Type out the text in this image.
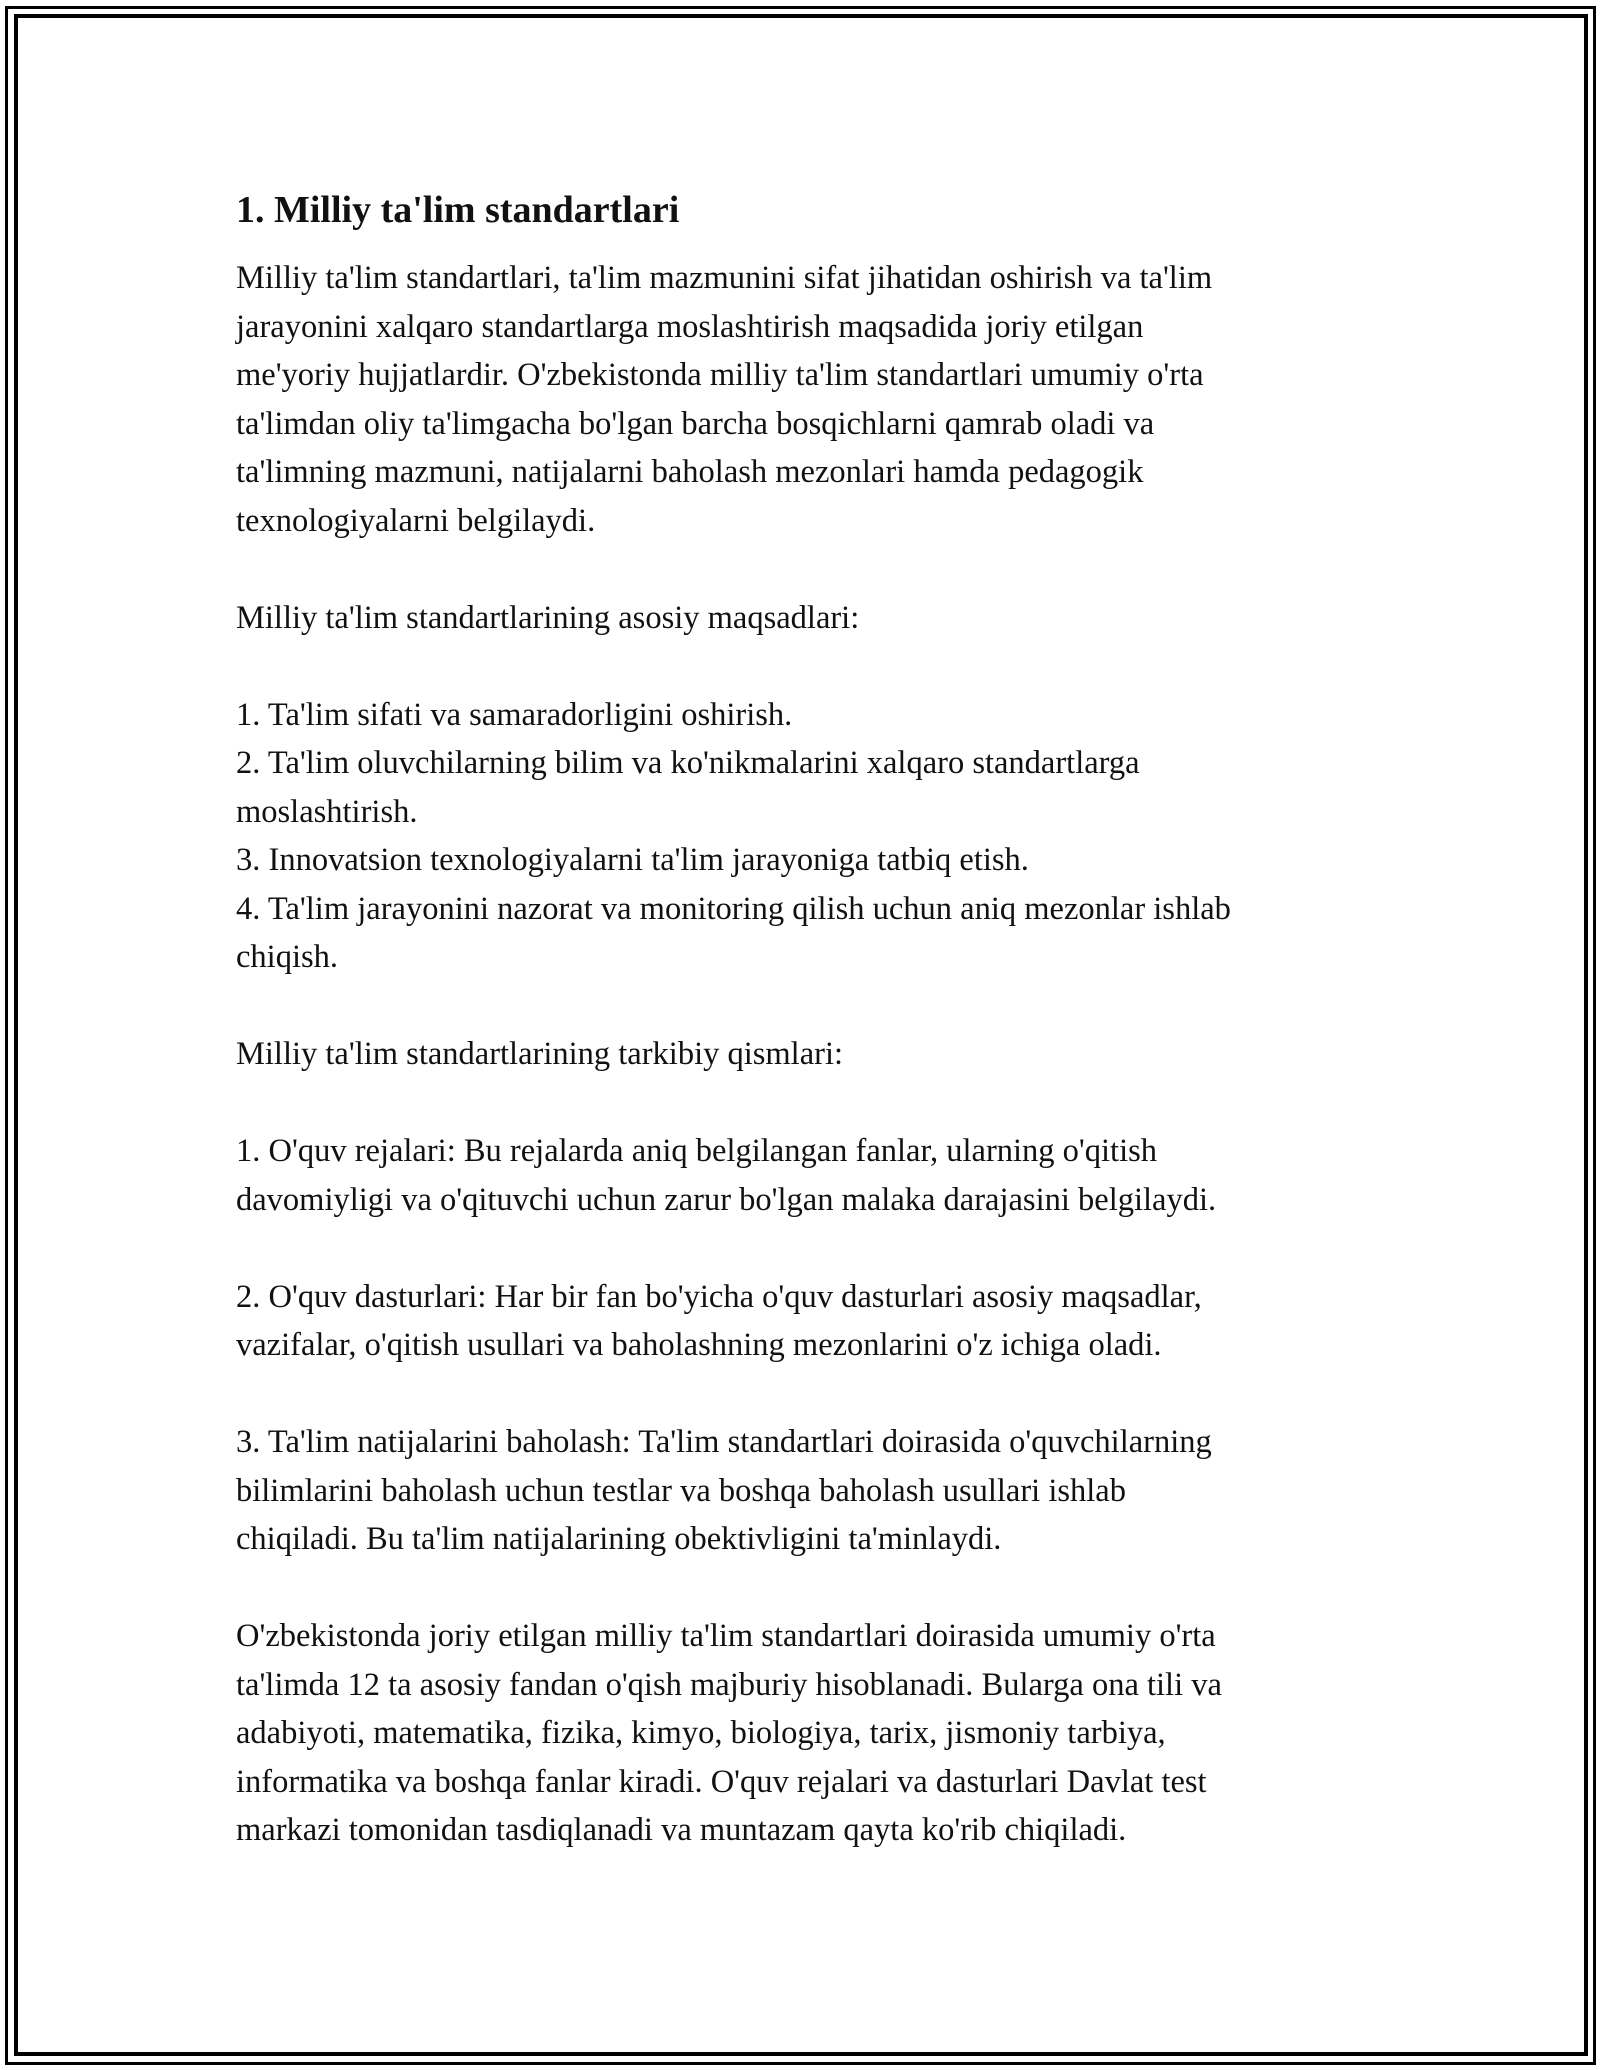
1. Milliy ta'lim standartlari

Milliy ta'lim standartlari, ta'lim mazmunini sifat jihatidan oshirish va ta'lim
jarayonini xalqaro standartlarga moslashtirish maqsadida joriy etilgan
me'yoriy hujjatlardir. O'zbekistonda milliy ta'lim standartlari umumiy o'rta
ta'limdan oliy ta'limgacha bo'lgan barcha bosqichlarni qamrab oladi va
ta'limning mazmuni, natijalarni baholash mezonlari hamda pedagogik
texnologiyalarni belgilaydi.

Milliy ta'lim standartlarining asosiy maqsadlari:

1. Ta'lim sifati va samaradorligini oshirish.
2. Ta'lim oluvchilarning bilim va ko'nikmalarini xalqaro standartlarga
moslashtirish.
3. Innovatsion texnologiyalarni ta'lim jarayoniga tatbiq etish.
4. Ta'lim jarayonini nazorat va monitoring qilish uchun aniq mezonlar ishlab
chiqish.

Milliy ta'lim standartlarining tarkibiy qismlari:

1. O'quv rejalari: Bu rejalarda aniq belgilangan fanlar, ularning o'qitish
davomiyligi va o'qituvchi uchun zarur bo'lgan malaka darajasini belgilaydi.

2. O'quv dasturlari: Har bir fan bo'yicha o'quv dasturlari asosiy maqsadlar,
vazifalar, o'qitish usullari va baholashning mezonlarini o'z ichiga oladi.

3. Ta'lim natijalarini baholash: Ta'lim standartlari doirasida o'quvchilarning
bilimlarini baholash uchun testlar va boshqa baholash usullari ishlab
chiqiladi. Bu ta'lim natijalarining obektivligini ta'minlaydi.

O'zbekistonda joriy etilgan milliy ta'lim standartlari doirasida umumiy o'rta
ta'limda 12 ta asosiy fandan o'qish majburiy hisoblanadi. Bularga ona tili va
adabiyoti, matematika, fizika, kimyo, biologiya, tarix, jismoniy tarbiya,
informatika va boshqa fanlar kiradi. O'quv rejalari va dasturlari Davlat test
markazi tomonidan tasdiqlanadi va muntazam qayta ko'rib chiqiladi.
